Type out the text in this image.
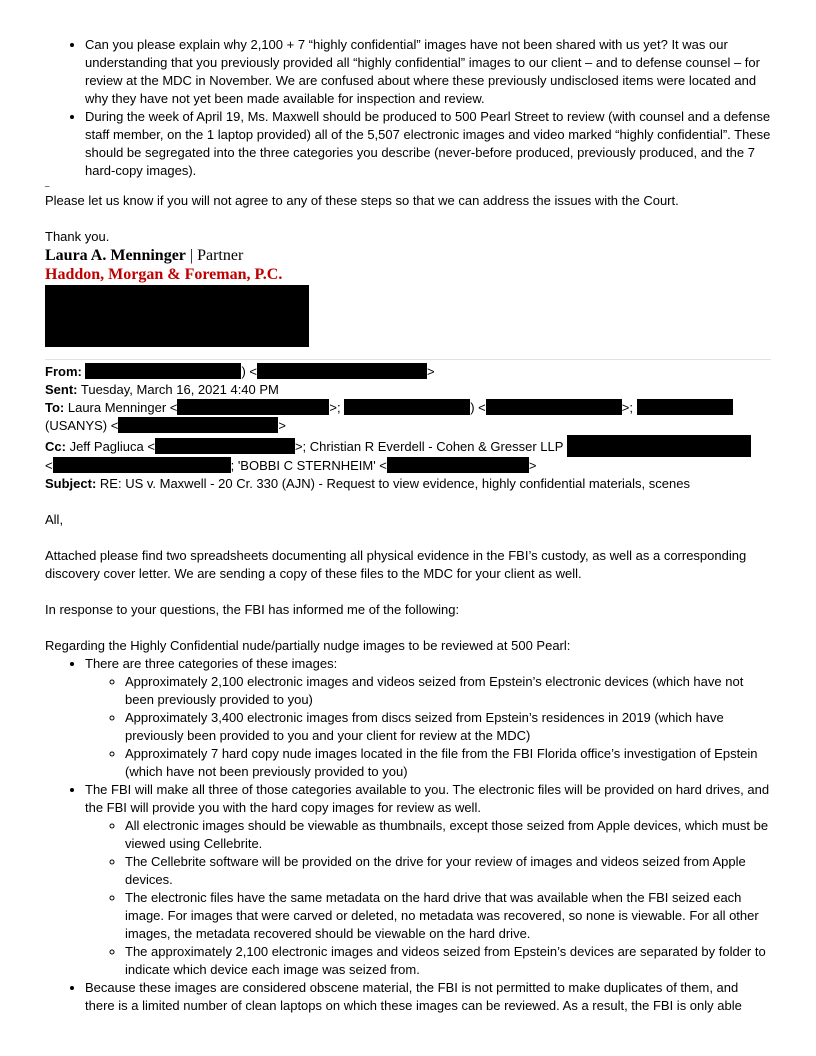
• Can you please explain why 2,100 + 7 “highly confidential” images have not been shared with us yet? It was our understanding that you previously provided all “highly confidential” images to our client – and to defense counsel – for review at the MDC in November. We are confused about where these previously undisclosed items were located and why they have not yet been made available for inspection and review.
• During the week of April 19, Ms. Maxwell should be produced to 500 Pearl Street to review (with counsel and a defense staff member, on the 1 laptop provided) all of the 5,507 electronic images and video marked “highly confidential”. These should be segregated into the three categories you describe (never-before produced, previously produced, and the 7 hard-copy images).
_

Please let us know if you will not agree to any of these steps so that we can address the issues with the Court.

Thank you.

Laura A. Menninger | Partner
Haddon, Morgan & Foreman, P.C.
From:	) <	>
Sent: Tuesday, March 16, 2021 4:40 PM
To: Laura Menninger <	>;	) <	>;
(USANYS) <	>
Cc: Jeff Pagliuca <	>; Christian R Everdell - Cohen & Gresser LLP
<	; 'BOBBI C STERNHEIM' <	>
Subject: RE: US v. Maxwell - 20 Cr. 330 (AJN) - Request to view evidence, highly confidential materials, scenes

All,

Attached please find two spreadsheets documenting all physical evidence in the FBI’s custody, as well as a corresponding discovery cover letter. We are sending a copy of these files to the MDC for your client as well.

In response to your questions, the FBI has informed me of the following:

Regarding the Highly Confidential nude/partially nudge images to be reviewed at 500 Pearl:

• There are three categories of these images:
◦ Approximately 2,100 electronic images and videos seized from Epstein’s electronic devices (which have not been previously provided to you)
◦ Approximately 3,400 electronic images from discs seized from Epstein’s residences in 2019 (which have previously been provided to you and your client for review at the MDC)
◦ Approximately 7 hard copy nude images located in the file from the FBI Florida office’s investigation of Epstein (which have not been previously provided to you)
• The FBI will make all three of those categories available to you. The electronic files will be provided on hard drives, and the FBI will provide you with the hard copy images for review as well.
◦ All electronic images should be viewable as thumbnails, except those seized from Apple devices, which must be viewed using Cellebrite.
◦ The Cellebrite software will be provided on the drive for your review of images and videos seized from Apple devices.
◦ The electronic files have the same metadata on the hard drive that was available when the FBI seized each image. For images that were carved or deleted, no metadata was recovered, so none is viewable. For all other images, the metadata recovered should be viewable on the hard drive.
◦ The approximately 2,100 electronic images and videos seized from Epstein’s devices are separated by folder to indicate which device each image was seized from.
• Because these images are considered obscene material, the FBI is not permitted to make duplicates of them, and there is a limited number of clean laptops on which these images can be reviewed. As a result, the FBI is only able
